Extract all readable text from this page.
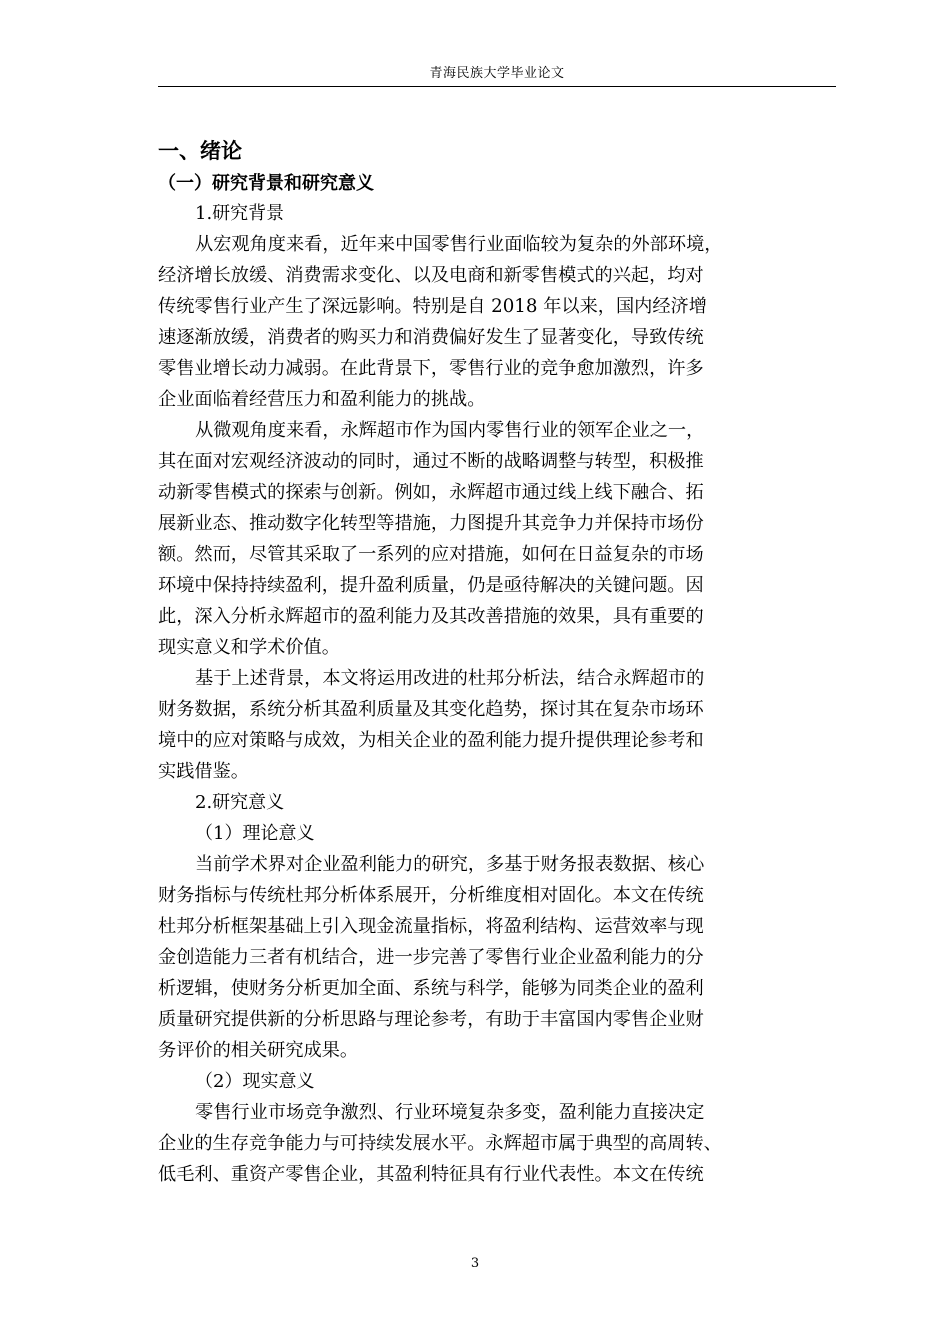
青海民族大学毕业论文
一、绪论
（一）研究背景和研究意义
1.研究背景
从宏观角度来看，近年来中国零售行业面临较为复杂的外部环境，
经济增长放缓、消费需求变化、以及电商和新零售模式的兴起，均对
传统零售行业产生了深远影响。特别是自 2018 年以来，国内经济增
速逐渐放缓，消费者的购买力和消费偏好发生了显著变化，导致传统
零售业增长动力减弱。在此背景下，零售行业的竞争愈加激烈，许多
企业面临着经营压力和盈利能力的挑战。
从微观角度来看，永辉超市作为国内零售行业的领军企业之一，
其在面对宏观经济波动的同时，通过不断的战略调整与转型，积极推
动新零售模式的探索与创新。例如，永辉超市通过线上线下融合、拓
展新业态、推动数字化转型等措施，力图提升其竞争力并保持市场份
额。然而，尽管其采取了一系列的应对措施，如何在日益复杂的市场
环境中保持持续盈利，提升盈利质量，仍是亟待解决的关键问题。因
此，深入分析永辉超市的盈利能力及其改善措施的效果，具有重要的
现实意义和学术价值。
基于上述背景，本文将运用改进的杜邦分析法，结合永辉超市的
财务数据，系统分析其盈利质量及其变化趋势，探讨其在复杂市场环
境中的应对策略与成效，为相关企业的盈利能力提升提供理论参考和
实践借鉴。
2.研究意义
（1）理论意义
当前学术界对企业盈利能力的研究，多基于财务报表数据、核心
财务指标与传统杜邦分析体系展开，分析维度相对固化。本文在传统
杜邦分析框架基础上引入现金流量指标，将盈利结构、运营效率与现
金创造能力三者有机结合，进一步完善了零售行业企业盈利能力的分
析逻辑，使财务分析更加全面、系统与科学，能够为同类企业的盈利
质量研究提供新的分析思路与理论参考，有助于丰富国内零售企业财
务评价的相关研究成果。
（2）现实意义
零售行业市场竞争激烈、行业环境复杂多变，盈利能力直接决定
企业的生存竞争能力与可持续发展水平。永辉超市属于典型的高周转、
低毛利、重资产零售企业，其盈利特征具有行业代表性。本文在传统
3
